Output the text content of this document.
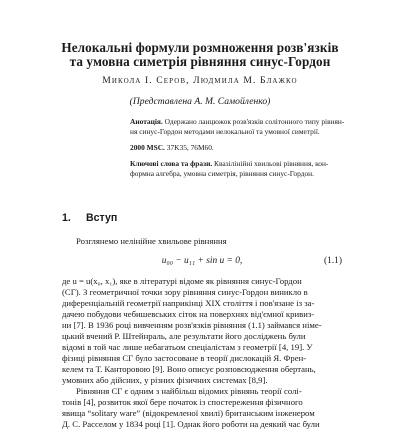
Нелокальні формули розмноження розв'язків
та умовна симетрія рівняння синус-Гордон
Микола І. Серов, Людмила М. Блажко
(Представлена А. М. Самойленко)
Анотація. Одержано ланцюжок розв'язків солітонного типу рівнян-
ня синус-Гордон методами нелокальної та умовної симетрії.
2000 MSC. 37K35, 76M60.
Ключові слова та фрази. Квазілінійні хвильові рівняння, кон-
формна алгебра, умовна симетрія, рівняння синус-Гордон.
1. Вступ
Розглянемо нелінійне хвильове рівняння
u₀₀ − u₁₁ + sin u = 0,	(1.1)
де u = u(x₀, x₁), яке в літературі відоме як рівняння синус-Гордон
(СГ). З геометричної точки зору рівняння синус-Гордон виникло в
диференціальній геометрії наприкінці XIX століття і пов'язане із за-
дачею побудови чебишевських сіток на поверхнях від'ємної кривиз-
ни [7]. В 1936 році вивченням розв'язків рівняння (1.1) займався німе-
цький вчений Р. Штейнраль, але результати його досліджень були
відомі в той час лише небагатьом спеціалістам з геометрії [4, 19]. У
фізиці рівняння СГ було застосоване в теорії дислокацій Я. Френ-
келем та Т. Канторовою [9]. Воно описує розповсюдження обертань,
умовних або дійсних, у різних фізичних системах [8,9].
Рівняння СГ є одним з найбільш відомих рівнянь теорії солі-
тонів [4], розвиток якої бере початок із спостереження фізичного
явища “solitary ware” (відокремленої хвилі) британським інженером
Д. С. Расселом у 1834 році [1]. Однак його роботи на деякий час були
